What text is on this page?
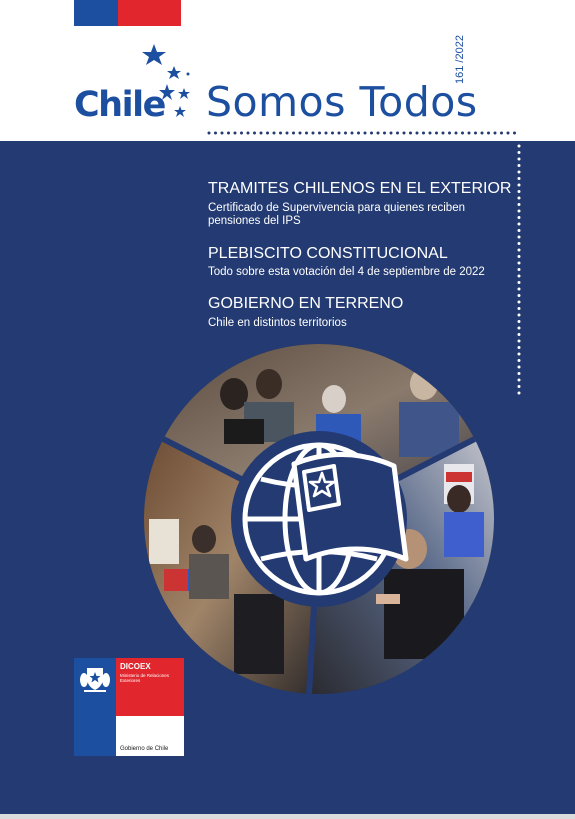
Chile Somos Todos
161 /2022
TRAMITES CHILENOS EN EL EXTERIOR
Certificado de Supervivencia para quienes reciben pensiones del IPS
PLEBISCITO CONSTITUCIONAL
Todo sobre esta votación del 4 de septiembre de 2022
GOBIERNO EN TERRENO
Chile en distintos territorios
DICOEX
Ministerio de Relaciones Exteriores
Gobierno de Chile
